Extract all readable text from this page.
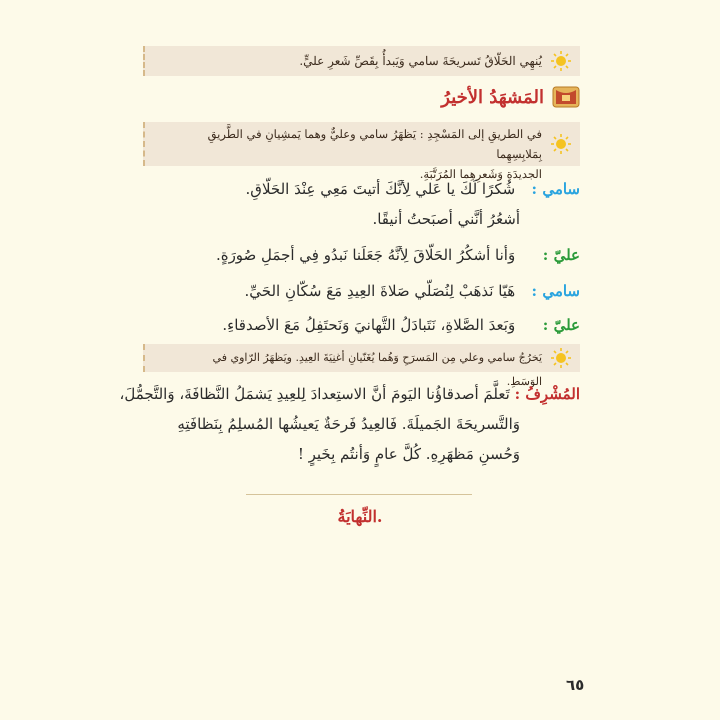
يُنهِي الحَلّاقُ تَسريحَةَ سامي وَيَبدأُ بِقَصِّ شَعرِ عليٍّ.
المَشهَدُ الأخيرُ
في الطريقِ إلى المَسْجِدِ : يَظهَرُ سامي وعليٌّ وهما يَمشِيانِ في الطَّريقِ بِمَلابِسِهِما
الجديدَةِ وَشَعرِهِما المُرَتَّبَةِ.
سامي : شُكرًا لَكَ يا عَلي لِأنَّكَ أتيتَ مَعِي عِنْدَ الحَلّاقِ.
أشعُرُ أنَّني أصبَحتُ أنيقًا.
عليّ : وَأنا أشكُرُ الحَلّاقَ لِأنَّهُ جَعَلَنا نَبدُو فِي أجمَلِ صُورَةٍ.
سامي : هَيّا نَذهَبْ لِنُصَلّي صَلاةَ العِيدِ مَعَ سُكّانِ الحَيِّ.
عليّ : وَبَعدَ الصَّلاةِ، نَتَبادَلُ التَّهانيَ وَنَحتَفِلُ مَعَ الأصدقاءِ.
يَخرُجُ سامي وعلي مِن المَسرَحِ وَهُما يُغَنّيانِ أغنِيَةَ العِيدِ. ويَظهَرُ الرّاوي في الوَسَطِ.
المُشْرِفُ : تَعلَّمَ أصدقاؤُنا اليَومَ أنَّ الاستِعدادَ لِلعِيدِ يَشمَلُ النَّظافَةَ، وَالتَّجمُّلَ،
وَالتَّسريحَةَ الجَميلَةَ. فَالعِيدُ فَرحَةٌ يَعيشُها المُسلِمُ بِنَظافَتِهِ
وَحُسنِ مَظهَرِهِ. كُلَّ عامٍ وَأنتُم بِخَيرٍ !
النِّهايَةُ.
٦٥
